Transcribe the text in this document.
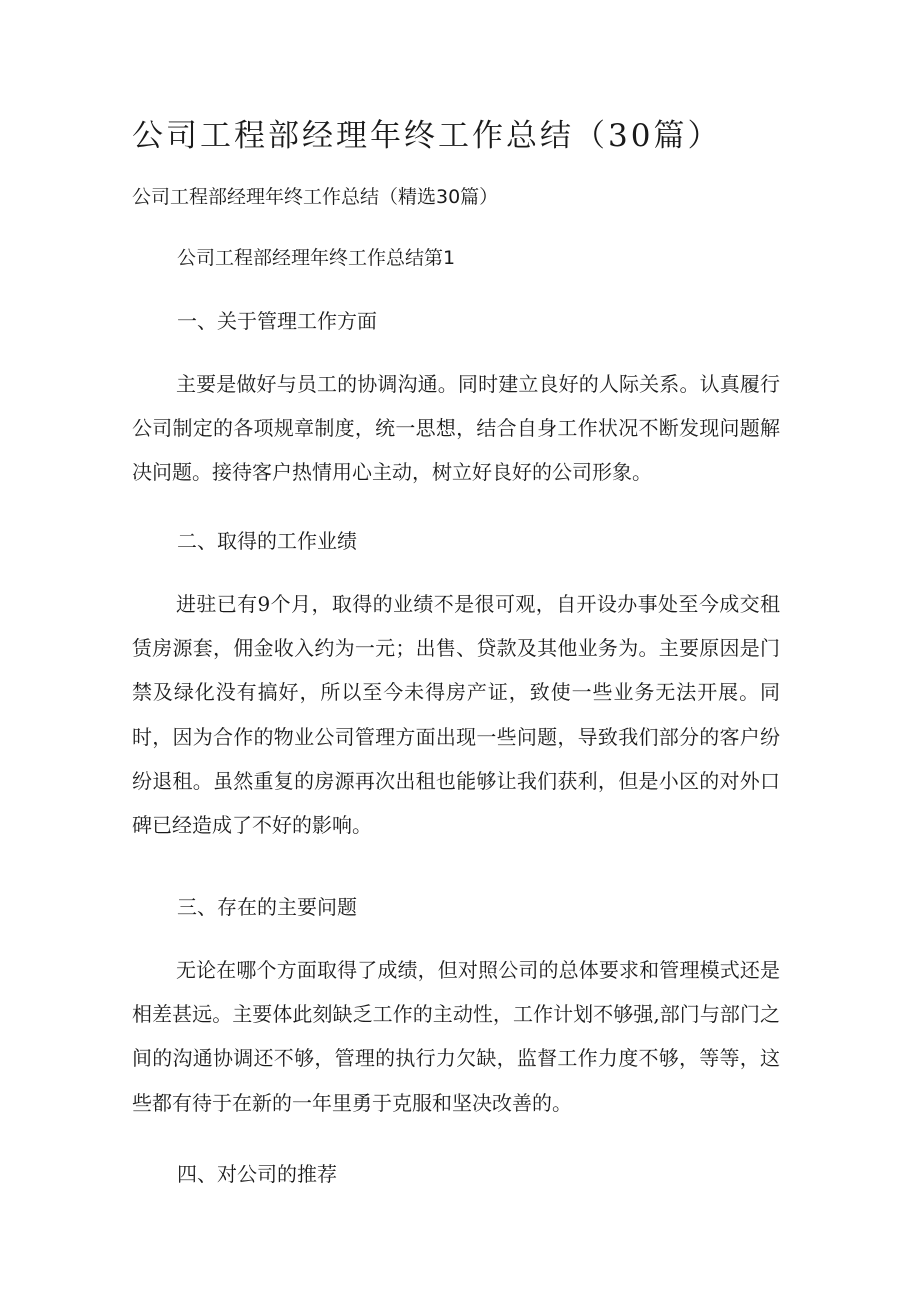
公司工程部经理年终工作总结（30篇）

公司工程部经理年终工作总结（精选30篇）

公司工程部经理年终工作总结第1

一、关于管理工作方面

主要是做好与员工的协调沟通。同时建立良好的人际关系。认真履行公司制定的各项规章制度，统一思想，结合自身工作状况不断发现问题解决问题。接待客户热情用心主动，树立好良好的公司形象。

二、取得的工作业绩

进驻已有9个月，取得的业绩不是很可观，自开设办事处至今成交租赁房源套，佣金收入约为一元；出售、贷款及其他业务为。主要原因是门禁及绿化没有搞好，所以至今未得房产证，致使一些业务无法开展。同时，因为合作的物业公司管理方面出现一些问题，导致我们部分的客户纷纷退租。虽然重复的房源再次出租也能够让我们获利，但是小区的对外口碑已经造成了不好的影响。

三、存在的主要问题

无论在哪个方面取得了成绩，但对照公司的总体要求和管理模式还是相差甚远。主要体此刻缺乏工作的主动性，工作计划不够强,部门与部门之间的沟通协调还不够，管理的执行力欠缺，监督工作力度不够，等等，这些都有待于在新的一年里勇于克服和坚决改善的。

四、对公司的推荐
